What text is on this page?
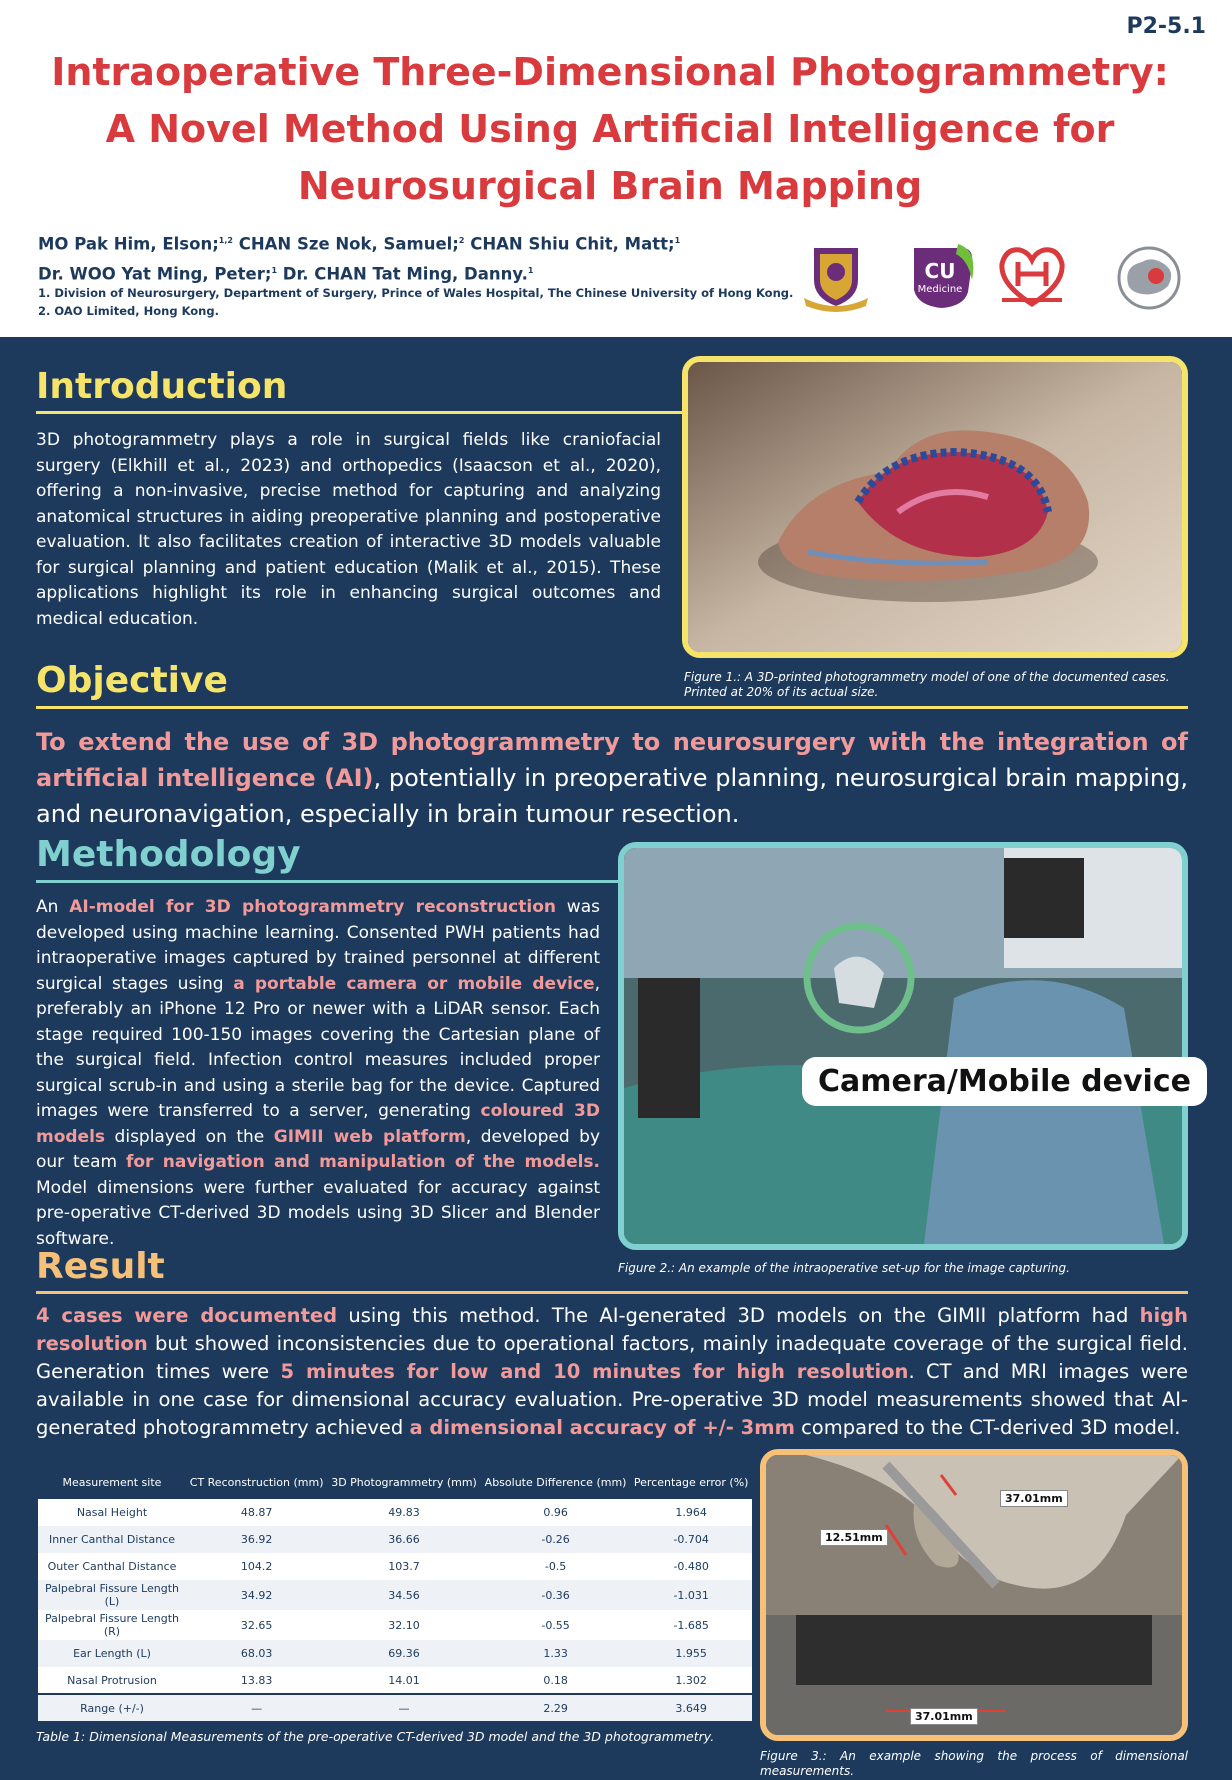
P2-5.1
Intraoperative Three-Dimensional Photogrammetry:
A Novel Method Using Artificial Intelligence for
Neurosurgical Brain Mapping
MO Pak Him, Elson;$^{1,2}$ CHAN Sze Nok, Samuel;$^2$ CHAN Shiu Chit, Matt;$^1$
Dr. WOO Yat Ming, Peter;$^1$ Dr. CHAN Tat Ming, Danny.$^1$
1. Division of Neurosurgery, Department of Surgery, Prince of Wales Hospital, The Chinese University of Hong Kong.
2. OAO Limited, Hong Kong.
CU
Medicine
Introduction
3D photogrammetry plays a role in surgical fields like craniofacial surgery (Elkhill et al., 2023) and orthopedics (Isaacson et al., 2020), offering a non-invasive, precise method for capturing and analyzing anatomical structures in aiding preoperative planning and postoperative evaluation. It also facilitates creation of interactive 3D models valuable for surgical planning and patient education (Malik et al., 2015). These applications highlight its role in enhancing surgical outcomes and medical education.
Figure 1.: A 3D-printed photogrammetry model of one of the documented cases. Printed at 20% of its actual size.
Objective
To extend the use of 3D photogrammetry to neurosurgery with the integration of artificial intelligence (AI), potentially in preoperative planning, neurosurgical brain mapping, and neuronavigation, especially in brain tumour resection.
Methodology
An AI-model for 3D photogrammetry reconstruction was developed using machine learning. Consented PWH patients had intraoperative images captured by trained personnel at different surgical stages using a portable camera or mobile device, preferably an iPhone 12 Pro or newer with a LiDAR sensor. Each stage required 100-150 images covering the Cartesian plane of the surgical field. Infection control measures included proper surgical scrub-in and using a sterile bag for the device. Captured images were transferred to a server, generating coloured 3D models displayed on the GIMII web platform, developed by our team for navigation and manipulation of the models. Model dimensions were further evaluated for accuracy against pre-operative CT-derived 3D models using 3D Slicer and Blender software.
Camera/Mobile device
Figure 2.: An example of the intraoperative set-up for the image capturing.
Result
4 cases were documented using this method. The AI-generated 3D models on the GIMII platform had high resolution but showed inconsistencies due to operational factors, mainly inadequate coverage of the surgical field. Generation times were 5 minutes for low and 10 minutes for high resolution. CT and MRI images were available in one case for dimensional accuracy evaluation. Pre-operative 3D model measurements showed that AI-generated photogrammetry achieved a dimensional accuracy of +/- 3mm compared to the CT-derived 3D model.
Measurement site	CT Reconstruction (mm)	3D Photogrammetry (mm)	Absolute Difference (mm)	Percentage error (%)
Nasal Height	48.87	49.83	0.96	1.964
Inner Canthal Distance	36.92	36.66	-0.26	-0.704
Outer Canthal Distance	104.2	103.7	-0.5	-0.480
Palpebral Fissure Length (L)	34.92	34.56	-0.36	-1.031
Palpebral Fissure Length (R)	32.65	32.10	-0.55	-1.685
Ear Length (L)	68.03	69.36	1.33	1.955
Nasal Protrusion	13.83	14.01	0.18	1.302
Range (+/-)	—	—	2.29	3.649
Table 1: Dimensional Measurements of the pre-operative CT-derived 3D model and the 3D photogrammetry.
37.01mm
12.51mm
37.01mm
Figure 3.: An example showing the process of dimensional measurements.
